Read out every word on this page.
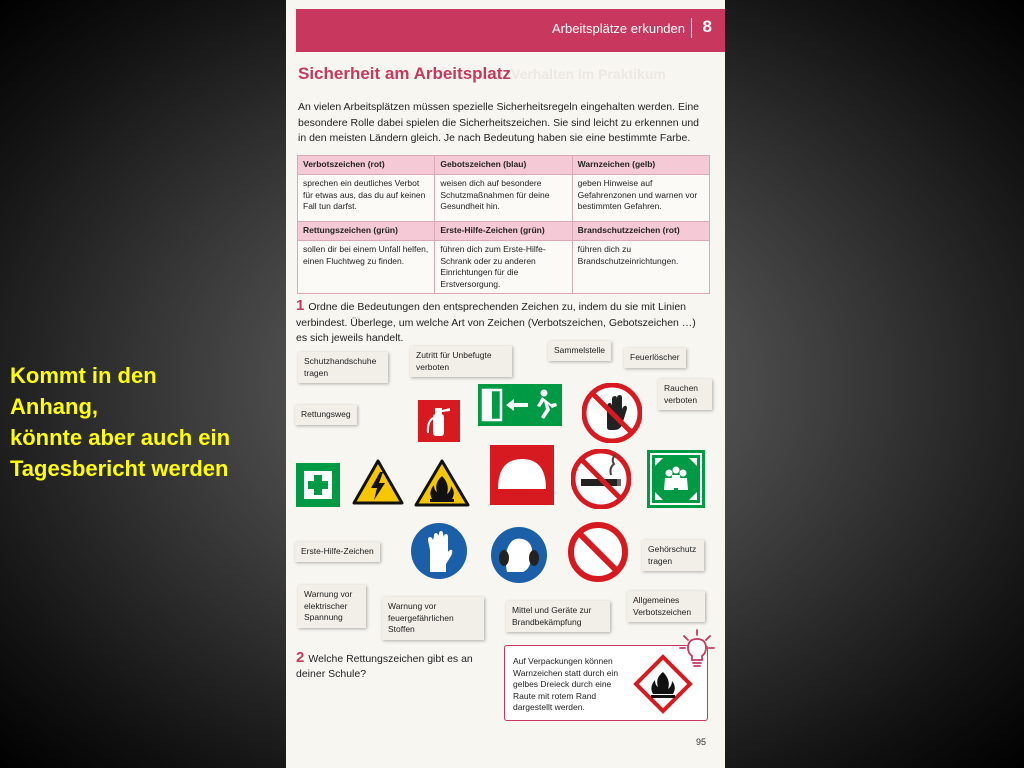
Kommt in den
Anhang,
könnte aber auch ein
Tagesbericht werden
Arbeitsplätze erkunden 8
Verhalten im Praktikum
Sicherheit am Arbeitsplatz
An vielen Arbeitsplätzen müssen spezielle Sicherheitsregeln eingehalten werden. Eine besondere Rolle dabei spielen die Sicherheitszeichen. Sie sind leicht zu erkennen und in den meisten Ländern gleich. Je nach Bedeutung haben sie eine bestimmte Farbe.
Verbotszeichen (rot)	Gebotszeichen (blau)	Warnzeichen (gelb)
sprechen ein deutliches Verbot für etwas aus, das du auf keinen Fall tun darfst.	weisen dich auf besondere Schutzmaßnahmen für deine Gesundheit hin.	geben Hinweise auf Gefahrenzonen und warnen vor bestimmten Gefahren.
Rettungszeichen (grün)	Erste-Hilfe-Zeichen (grün)	Brandschutzzeichen (rot)
sollen dir bei einem Unfall helfen, einen Fluchtweg zu finden.	führen dich zum Erste-Hilfe-Schrank oder zu anderen Einrichtungen für die Erstversorgung.	führen dich zu Brandschutzeinrichtungen.
1 Ordne die Bedeutungen den entsprechenden Zeichen zu, indem du sie mit Linien verbindest. Überlege, um welche Art von Zeichen (Verbotszeichen, Gebotszeichen …) es sich jeweils handelt.
Schutzhandschuhe tragen
Zutritt für Unbefugte verboten
Sammelstelle
Feuerlöscher
Rauchen verboten
Rettungsweg
Erste-Hilfe-Zeichen	Gehörschutz tragen
Warnung vor elektrischer Spannung
Warnung vor feuergefährlichen Stoffen
Mittel und Geräte zur Brandbekämpfung
Allgemeines Verbotszeichen
2 Welche Rettungszeichen gibt es an deiner Schule?
Auf Verpackungen können Warnzeichen statt durch ein gelbes Dreieck durch eine Raute mit rotem Rand dargestellt werden.
95
